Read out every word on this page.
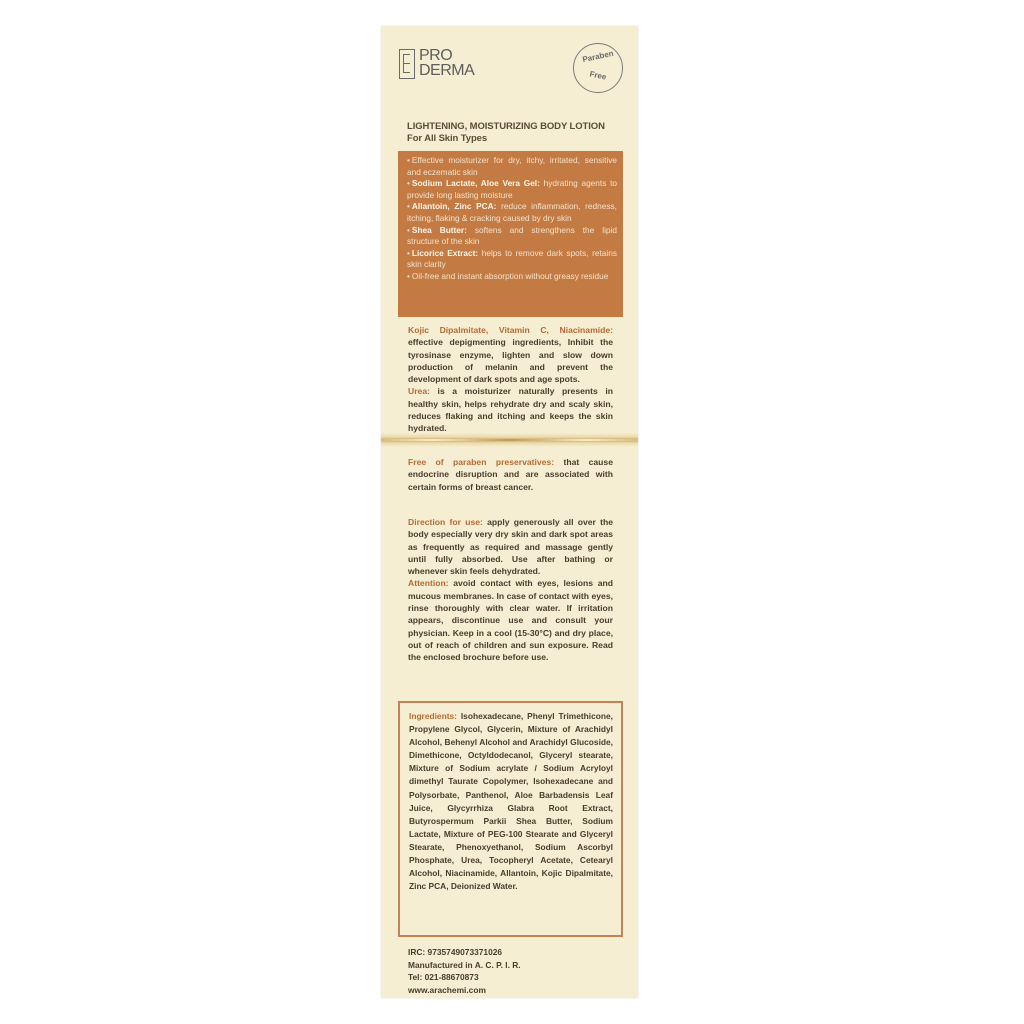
PRO
DERMA
Paraben
Free
LIGHTENING, MOISTURIZING BODY LOTION
For All Skin Types
• Effective moisturizer for dry, itchy, irritated, sensitive and eczematic skin
• Sodium Lactate, Aloe Vera Gel: hydrating agents to provide long lasting moisture
• Allantoin, Zinc PCA: reduce inflammation, redness, itching, flaking & cracking caused by dry skin
• Shea Butter: softens and strengthens the lipid structure of the skin
• Licorice Extract: helps to remove dark spots, retains skin clarity
• Oil-free and instant absorption without greasy residue
Kojic Dipalmitate, Vitamin C, Niacinamide: effective depigmenting ingredients, Inhibit the tyrosinase enzyme, lighten and slow down production of melanin and prevent the development of dark spots and age spots.
Urea: is a moisturizer naturally presents in healthy skin, helps rehydrate dry and scaly skin, reduces flaking and itching and keeps the skin hydrated.
Free of paraben preservatives: that cause endocrine disruption and are associated with certain forms of breast cancer.
Direction for use: apply generously all over the body especially very dry skin and dark spot areas as frequently as required and massage gently until fully absorbed. Use after bathing or whenever skin feels dehydrated.
Attention: avoid contact with eyes, lesions and mucous membranes. In case of contact with eyes, rinse thoroughly with clear water. If irritation appears, discontinue use and consult your physician. Keep in a cool (15-30°C) and dry place, out of reach of children and sun exposure. Read the enclosed brochure before use.

Ingredients: Isohexadecane, Phenyl Trimethicone, Propylene Glycol, Glycerin, Mixture of Arachidyl Alcohol, Behenyl Alcohol and Arachidyl Glucoside, Dimethicone, Octyldodecanol, Glyceryl stearate, Mixture of Sodium acrylate / Sodium Acryloyl dimethyl Taurate Copolymer, Isohexadecane and Polysorbate, Panthenol, Aloe Barbadensis Leaf Juice, Glycyrrhiza Glabra Root Extract, Butyrospermum Parkii Shea Butter, Sodium Lactate, Mixture of PEG-100 Stearate and Glyceryl Stearate, Phenoxyethanol, Sodium Ascorbyl Phosphate, Urea, Tocopheryl Acetate, Cetearyl Alcohol, Niacinamide, Allantoin, Kojic Dipalmitate, Zinc PCA, Deionized Water.

IRC: 9735749073371026
Manufactured in A. C. P. I. R.
Tel: 021-88670873
www.arachemi.com
